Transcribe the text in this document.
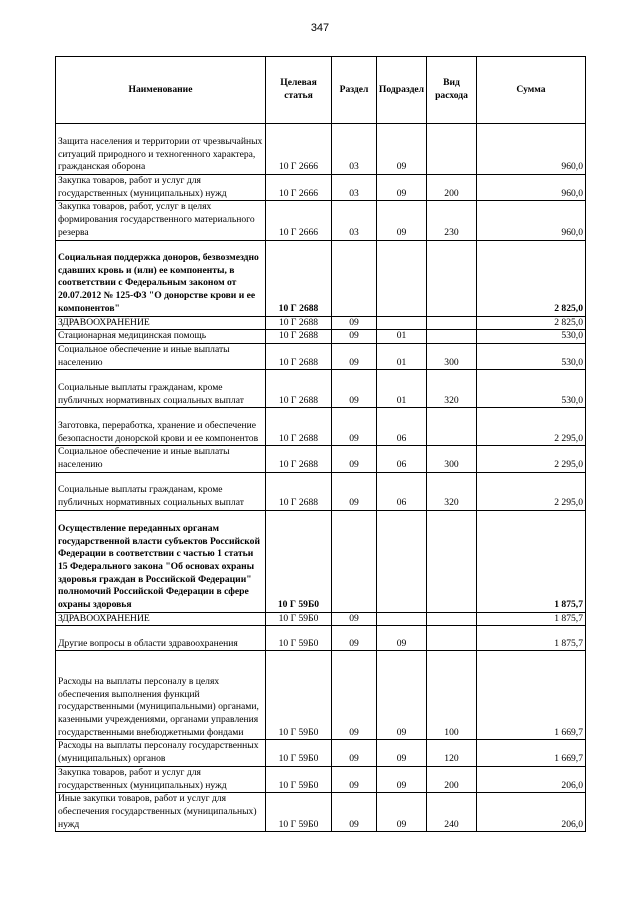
347
Наименование	Целевая статья	Раздел	Подраздел	Вид расхода	Сумма
Защита населения и территории от чрезвычайных ситуаций природного и техногенного характера, гражданская оборона	10 Г 2666	03	09		960,0
Закупка товаров, работ и услуг для государственных (муниципальных) нужд	10 Г 2666	03	09	200	960,0
Закупка товаров, работ, услуг в целях формирования государственного материального резерва	10 Г 2666	03	09	230	960,0
Социальная поддержка доноров, безвозмездно сдавших кровь и (или) ее компоненты, в соответствии с Федеральным законом от 20.07.2012 № 125-ФЗ "О донорстве крови и ее компонентов"	10 Г 2688				2 825,0
ЗДРАВООХРАНЕНИЕ	10 Г 2688	09			2 825,0
Стационарная медицинская помощь	10 Г 2688	09	01		530,0
Социальное обеспечение и иные выплаты населению	10 Г 2688	09	01	300	530,0
Социальные выплаты гражданам, кроме публичных нормативных социальных выплат	10 Г 2688	09	01	320	530,0
Заготовка, переработка, хранение и обеспечение безопасности донорской крови и ее компонентов	10 Г 2688	09	06		2 295,0
Социальное обеспечение и иные выплаты населению	10 Г 2688	09	06	300	2 295,0
Социальные выплаты гражданам, кроме публичных нормативных социальных выплат	10 Г 2688	09	06	320	2 295,0
Осуществление переданных органам государственной власти субъектов Российской Федерации в соответствии с частью 1 статьи 15 Федерального закона "Об основах охраны здоровья граждан в Российской Федерации" полномочий Российской Федерации в сфере охраны здоровья	10 Г 59Б0				1 875,7
ЗДРАВООХРАНЕНИЕ	10 Г 59Б0	09			1 875,7
Другие вопросы в области здравоохранения	10 Г 59Б0	09	09		1 875,7
Расходы на выплаты персоналу в целях обеспечения выполнения функций государственными (муниципальными) органами, казенными учреждениями, органами управления государственными внебюджетными фондами	10 Г 59Б0	09	09	100	1 669,7
Расходы на выплаты персоналу государственных (муниципальных) органов	10 Г 59Б0	09	09	120	1 669,7
Закупка товаров, работ и услуг для государственных (муниципальных) нужд	10 Г 59Б0	09	09	200	206,0
Иные закупки товаров, работ и услуг для обеспечения государственных (муниципальных) нужд	10 Г 59Б0	09	09	240	206,0
